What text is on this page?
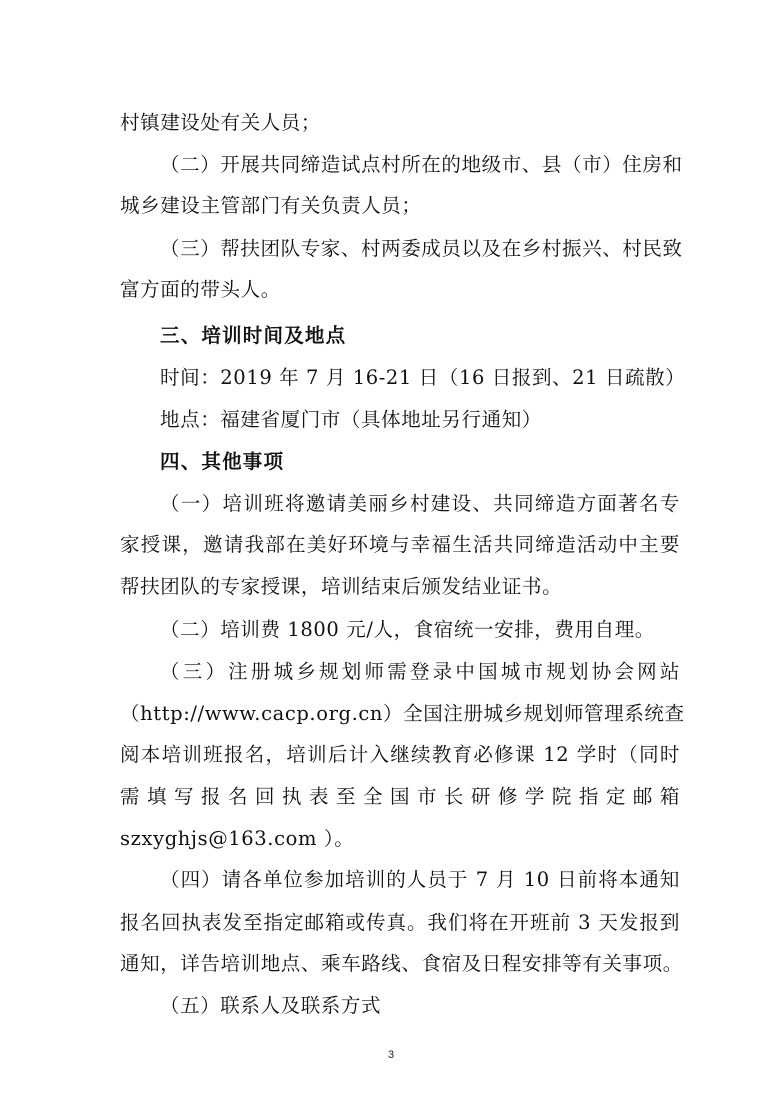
村镇建设处有关人员；
（二）开展共同缔造试点村所在的地级市、县（市）住房和
城乡建设主管部门有关负责人员；
（三）帮扶团队专家、村两委成员以及在乡村振兴、村民致
富方面的带头人。
三、培训时间及地点
时间：2019 年 7 月 16-21 日（16 日报到、21 日疏散）
地点：福建省厦门市（具体地址另行通知）
四、其他事项
（一）培训班将邀请美丽乡村建设、共同缔造方面著名专
家授课，邀请我部在美好环境与幸福生活共同缔造活动中主要
帮扶团队的专家授课，培训结束后颁发结业证书。
（二）培训费 1800 元/人，食宿统一安排，费用自理。
（三）注册城乡规划师需登录中国城市规划协会网站
（http://www.cacp.org.cn）全国注册城乡规划师管理系统查
阅本培训班报名，培训后计入继续教育必修课 12 学时（同时
需填写报名回执表至全国市长研修学院指定邮箱
szxyghjs@163.com ）。
（四）请各单位参加培训的人员于 7 月 10 日前将本通知
报名回执表发至指定邮箱或传真。我们将在开班前 3 天发报到
通知，详告培训地点、乘车路线、食宿及日程安排等有关事项。
（五）联系人及联系方式
3
